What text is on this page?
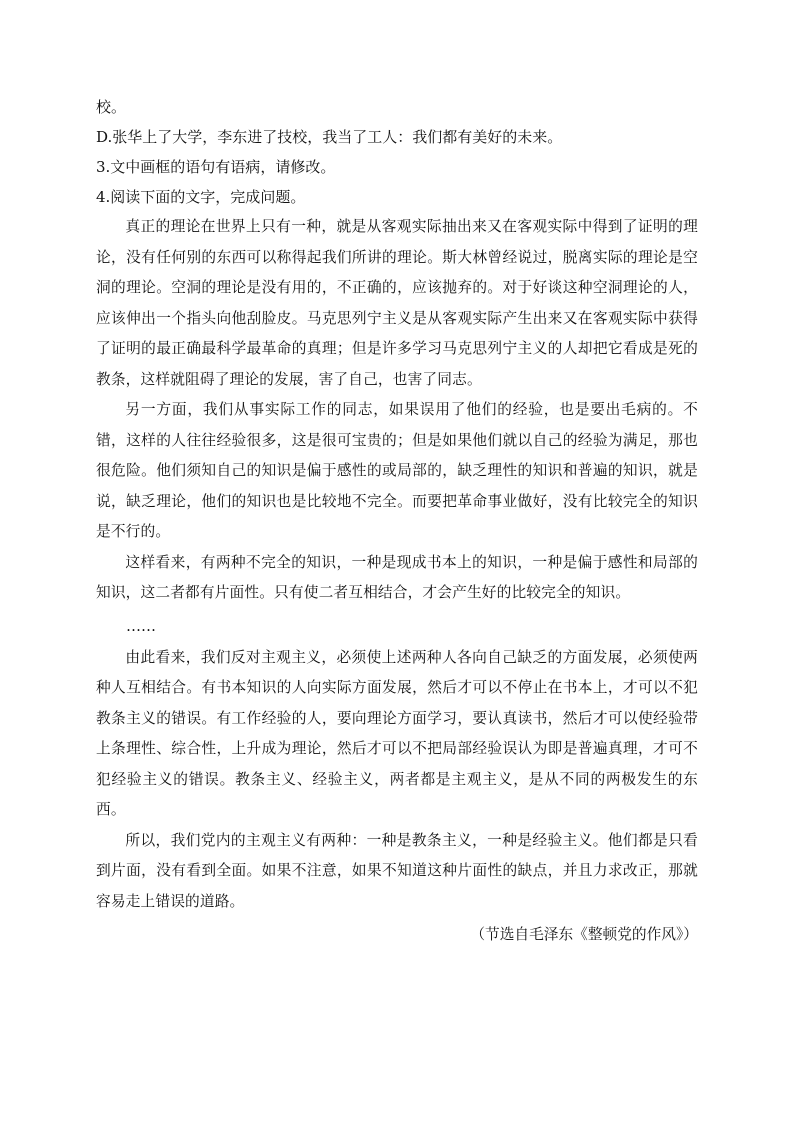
校。

D.张华上了大学，李东进了技校，我当了工人：我们都有美好的未来。

3.文中画框的语句有语病，请修改。

4.阅读下面的文字，完成问题。

真正的理论在世界上只有一种，就是从客观实际抽出来又在客观实际中得到了证明的理论，没有任何别的东西可以称得起我们所讲的理论。斯大林曾经说过，脱离实际的理论是空洞的理论。空洞的理论是没有用的，不正确的，应该抛弃的。对于好谈这种空洞理论的人，应该伸出一个指头向他刮脸皮。马克思列宁主义是从客观实际产生出来又在客观实际中获得了证明的最正确最科学最革命的真理；但是许多学习马克思列宁主义的人却把它看成是死的教条，这样就阻碍了理论的发展，害了自己，也害了同志。

另一方面，我们从事实际工作的同志，如果误用了他们的经验，也是要出毛病的。不错，这样的人往往经验很多，这是很可宝贵的；但是如果他们就以自己的经验为满足，那也很危险。他们须知自己的知识是偏于感性的或局部的，缺乏理性的知识和普遍的知识，就是说，缺乏理论，他们的知识也是比较地不完全。而要把革命事业做好，没有比较完全的知识是不行的。

这样看来，有两种不完全的知识，一种是现成书本上的知识，一种是偏于感性和局部的知识，这二者都有片面性。只有使二者互相结合，才会产生好的比较完全的知识。

……

由此看来，我们反对主观主义，必须使上述两种人各向自己缺乏的方面发展，必须使两种人互相结合。有书本知识的人向实际方面发展，然后才可以不停止在书本上，才可以不犯教条主义的错误。有工作经验的人，要向理论方面学习，要认真读书，然后才可以使经验带上条理性、综合性，上升成为理论，然后才可以不把局部经验误认为即是普遍真理，才可不犯经验主义的错误。教条主义、经验主义，两者都是主观主义，是从不同的两极发生的东西。

所以，我们党内的主观主义有两种：一种是教条主义，一种是经验主义。他们都是只看到片面，没有看到全面。如果不注意，如果不知道这种片面性的缺点，并且力求改正，那就容易走上错误的道路。

（节选自毛泽东《整顿党的作风》）
